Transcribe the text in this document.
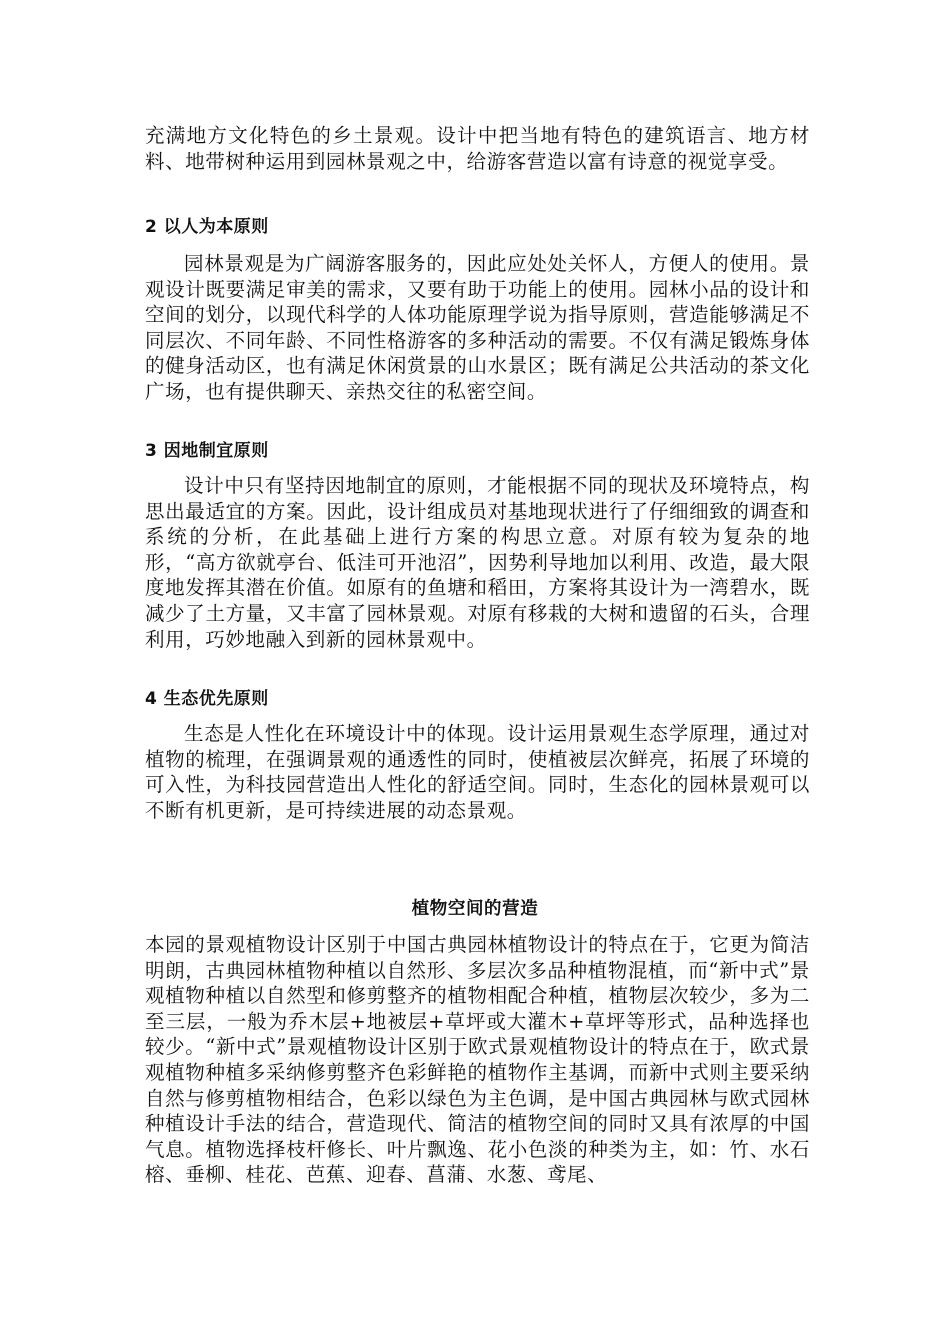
充满地方文化特色的乡土景观。设计中把当地有特色的建筑语言、地方材料、地带树种运用到园林景观之中，给游客营造以富有诗意的视觉享受。

2 以人为本原则

园林景观是为广阔游客服务的，因此应处处关怀人，方便人的使用。景观设计既要满足审美的需求，又要有助于功能上的使用。园林小品的设计和空间的划分，以现代科学的人体功能原理学说为指导原则，营造能够满足不同层次、不同年龄、不同性格游客的多种活动的需要。不仅有满足锻炼身体的健身活动区，也有满足休闲赏景的山水景区；既有满足公共活动的茶文化广场，也有提供聊天、亲热交往的私密空间。

3 因地制宜原则

设计中只有坚持因地制宜的原则，才能根据不同的现状及环境特点，构思出最适宜的方案。因此，设计组成员对基地现状进行了仔细细致的调查和系统的分析，在此基础上进行方案的构思立意。对原有较为复杂的地形，“高方欲就亭台、低洼可开池沼”，因势利导地加以利用、改造，最大限度地发挥其潜在价值。如原有的鱼塘和稻田，方案将其设计为一湾碧水，既减少了土方量，又丰富了园林景观。对原有移栽的大树和遗留的石头，合理利用，巧妙地融入到新的园林景观中。

4 生态优先原则

生态是人性化在环境设计中的体现。设计运用景观生态学原理，通过对植物的梳理，在强调景观的通透性的同时，使植被层次鲜亮，拓展了环境的可入性，为科技园营造出人性化的舒适空间。同时，生态化的园林景观可以不断有机更新，是可持续进展的动态景观。

植物空间的营造

本园的景观植物设计区别于中国古典园林植物设计的特点在于，它更为简洁明朗，古典园林植物种植以自然形、多层次多品种植物混植，而“新中式”景观植物种植以自然型和修剪整齐的植物相配合种植，植物层次较少，多为二至三层，一般为乔木层+地被层+草坪或大灌木+草坪等形式，品种选择也较少。“新中式”景观植物设计区别于欧式景观植物设计的特点在于，欧式景观植物种植多采纳修剪整齐色彩鲜艳的植物作主基调，而新中式则主要采纳自然与修剪植物相结合，色彩以绿色为主色调，是中国古典园林与欧式园林种植设计手法的结合，营造现代、简洁的植物空间的同时又具有浓厚的中国气息。植物选择枝杆修长、叶片飘逸、花小色淡的种类为主，如：竹、水石榕、垂柳、桂花、芭蕉、迎春、菖蒲、水葱、鸢尾、
